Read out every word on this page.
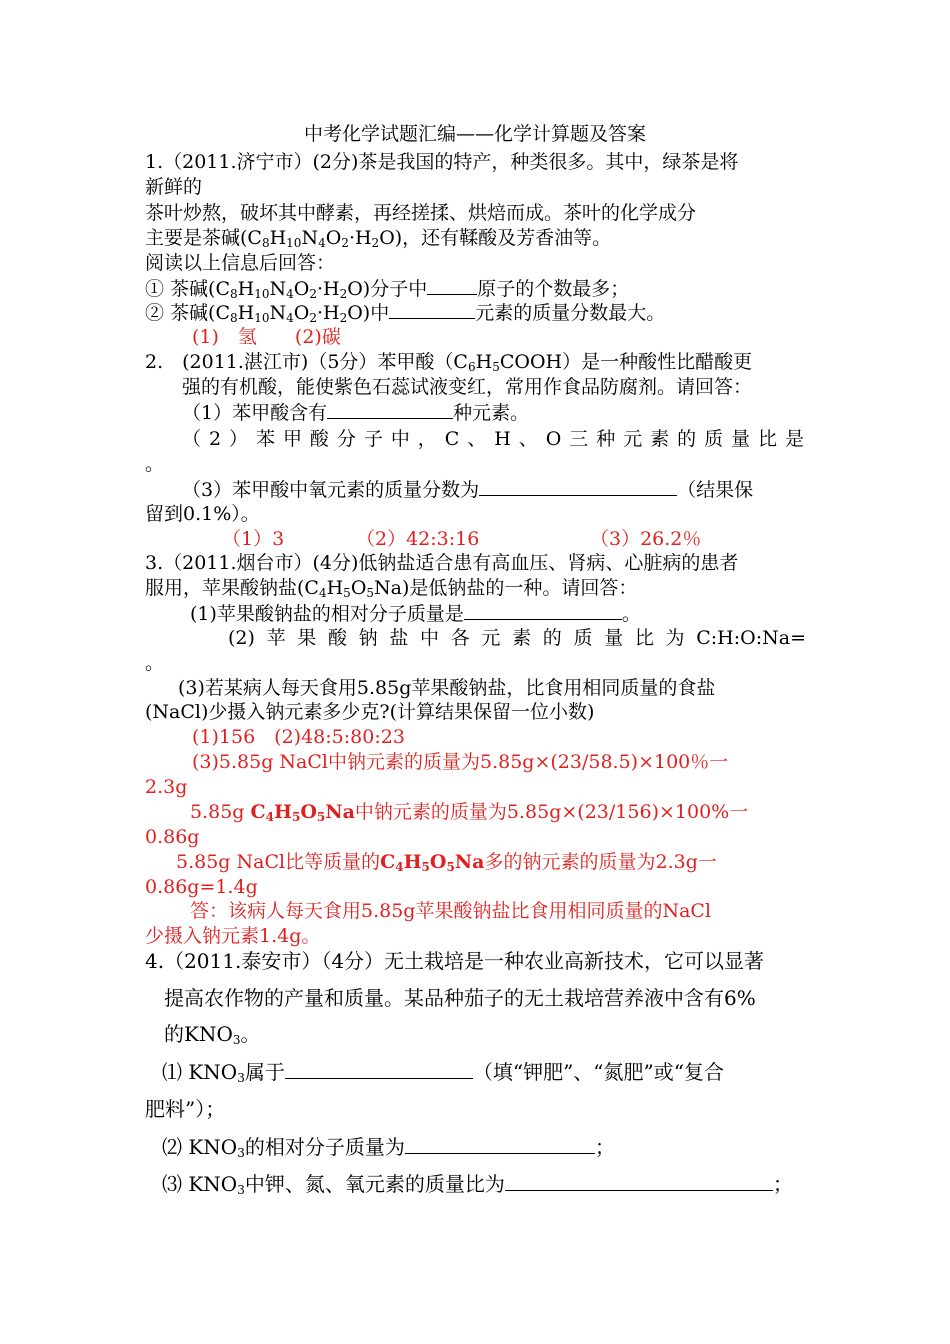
中考化学试题汇编——化学计算题及答案
1.（2011.济宁市）(2分)茶是我国的特产，种类很多。其中，绿茶是将
新鲜的
茶叶炒熬，破坏其中酵素，再经搓揉、烘焙而成。茶叶的化学成分
主要是茶碱$(C_8H_{10}N_4O_2\cdot H_2O)$，还有鞣酸及芳香油等。
阅读以上信息后回答：
① 茶碱$(C_8H_{10}N_4O_2\cdot H_2O)$分子中	原子的个数最多；
② 茶碱$(C_8H_{10}N_4O_2\cdot H_2O)$中	元素的质量分数最大。
(1)　氢　　(2)碳
2.　(2011.湛江市)（5分）苯甲酸$(C_6H_5COOH)$是一种酸性比醋酸更
强的有机酸，能使紫色石蕊试液变红，常用作食品防腐剂。请回答：
（1）苯甲酸含有	种元素。
（2）苯甲酸分子中，C、H、O三种元素的质量比是
。
（3）苯甲酸中氧元素的质量分数为	（结果保
留到0.1%）。
（1）3	（2）42:3:16	（3）26.2％
3.（2011.烟台市）(4分)低钠盐适合患有高血压、肾病、心脏病的患者
服用，苹果酸钠盐$(C_4H_5O_5Na)$是低钠盐的一种。请回答：
(1)苹果酸钠盐的相对分子质量是	。
(2)苹果酸钠盐中各元素的质量比为C:H:O:Na=
。
(3)若某病人每天食用5.85g苹果酸钠盐，比食用相同质量的食盐
(NaCl)少摄入钠元素多少克?(计算结果保留一位小数)
(1)156　(2)48:5:80:23
(3)5.85g NaCl中钠元素的质量为5.85g×(23/58.5)×100％一
2.3g
5.85g $C_4H_5O_5Na$中钠元素的质量为5.85g×(23/156)×100%一
0.86g
5.85g NaCl比等质量的$C_4H_5O_5Na$多的钠元素的质量为2.3g一
0.86g=1.4g
答：该病人每天食用5.85g苹果酸钠盐比食用相同质量的NaCl
少摄入钠元素1.4g。
4.（2011.泰安市）（4分）无土栽培是一种农业高新技术，它可以显著
提高农作物的产量和质量。某品种茄子的无土栽培营养液中含有6%
的$KNO_3$。
⑴ $KNO_3$属于	（填“钾肥”、“氮肥”或“复合
肥料”）；
⑵ $KNO_3$的相对分子质量为	；
⑶ $KNO_3$中钾、氮、氧元素的质量比为	；
